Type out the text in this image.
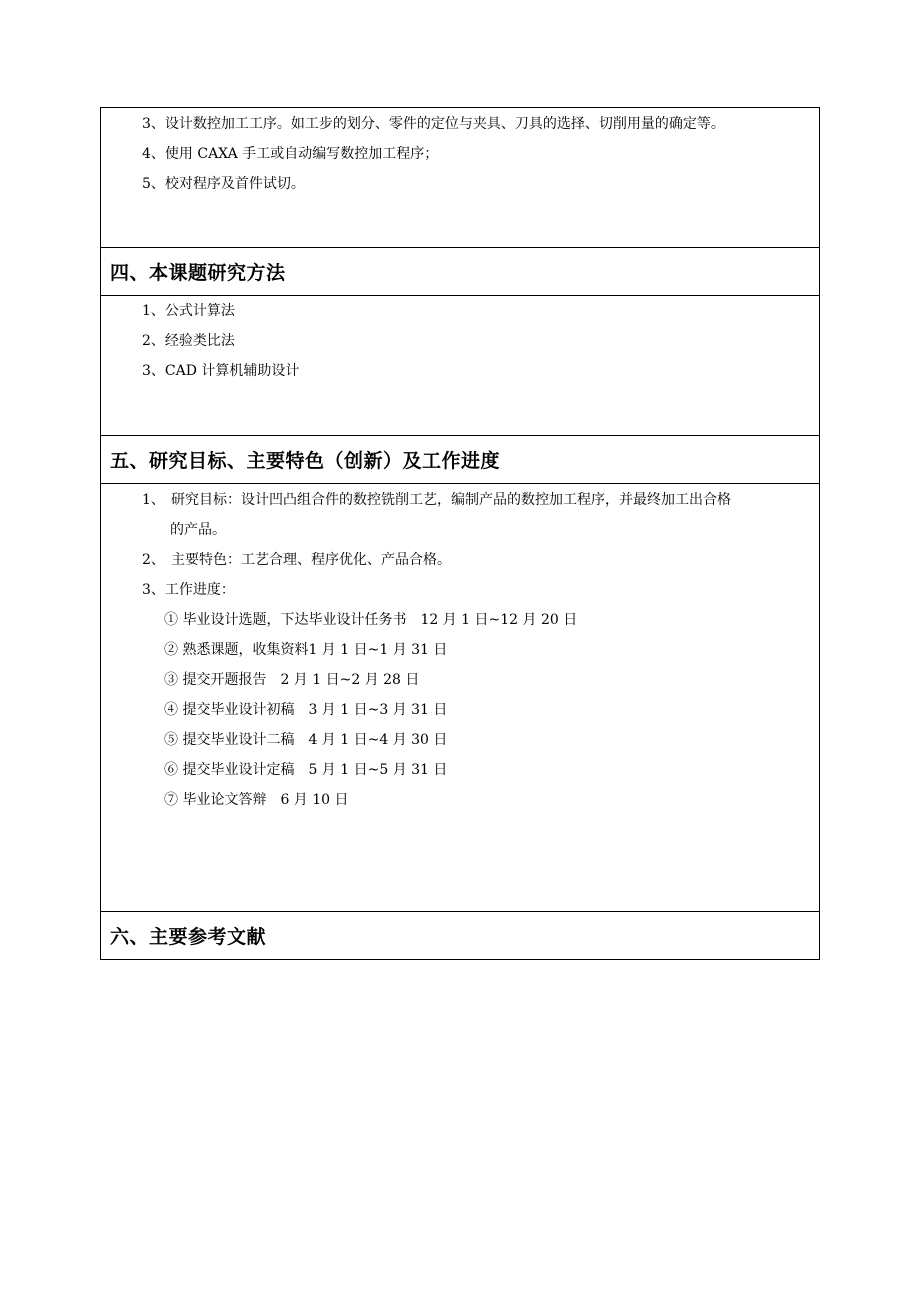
3、设计数控加工工序。如工步的划分、零件的定位与夹具、刀具的选择、切削用量的确定等。
4、使用 CAXA 手工或自动编写数控加工程序；
5、校对程序及首件试切。
四、本课题研究方法
1、公式计算法
2、经验类比法
3、CAD 计算机辅助设计
五、研究目标、主要特色（创新）及工作进度
1、 研究目标：设计凹凸组合件的数控铣削工艺，编制产品的数控加工程序，并最终加工出合格
的产品。
2、 主要特色：工艺合理、程序优化、产品合格。
3、工作进度：
① 毕业设计选题，下达毕业设计任务书　12 月 1 日~12 月 20 日
② 熟悉课题，收集资料1 月 1 日~1 月 31 日
③ 提交开题报告　2 月 1 日~2 月 28 日
④ 提交毕业设计初稿　3 月 1 日~3 月 31 日
⑤ 提交毕业设计二稿　4 月 1 日~4 月 30 日
⑥ 提交毕业设计定稿　5 月 1 日~5 月 31 日
⑦ 毕业论文答辩　6 月 10 日
六、主要参考文献
